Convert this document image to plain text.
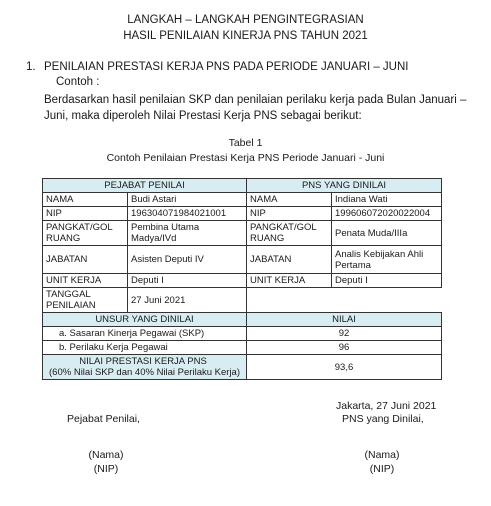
LANGKAH – LANGKAH PENGINTEGRASIAN
HASIL PENILAIAN KINERJA PNS TAHUN 2021
1. PENILAIAN PRESTASI KERJA PNS PADA PERIODE JANUARI – JUNI
Contoh :
Berdasarkan hasil penilaian SKP dan penilaian perilaku kerja pada Bulan Januari –
Juni, maka diperoleh Nilai Prestasi Kerja PNS sebagai berikut:
Tabel 1
Contoh Penilaian Prestasi Kerja PNS Periode Januari - Juni
PEJABAT PENILAI		PNS YANG DINILAI	
NAMA	Budi Astari	NAMA	Indiana Wati
NIP	196304071984021001	NIP	199606072020022004
PANGKAT/GOL RUANG	Pembina Utama Madya/IVd	PANGKAT/GOL RUANG	Penata Muda/IIIa
JABATAN	Asisten Deputi IV	JABATAN	Analis Kebijakan Ahli Pertama
UNIT KERJA	Deputi I	UNIT KERJA	Deputi I
TANGGAL PENILAIAN	27 Juni 2021		
UNSUR YANG DINILAI		NILAI	
a. Sasaran Kinerja Pegawai (SKP)		92	
b. Perilaku Kerja Pegawai		96	

NILAI PRESTASI KERJA PNS
(60% Nilai SKP dan 40% Nilai Perilaku Kerja)		93,6	
Jakarta, 27 Juni 2021
Pejabat Penilai,	PNS yang Dinilai,
(Nama)
(NIP)
(Nama)
(NIP)
